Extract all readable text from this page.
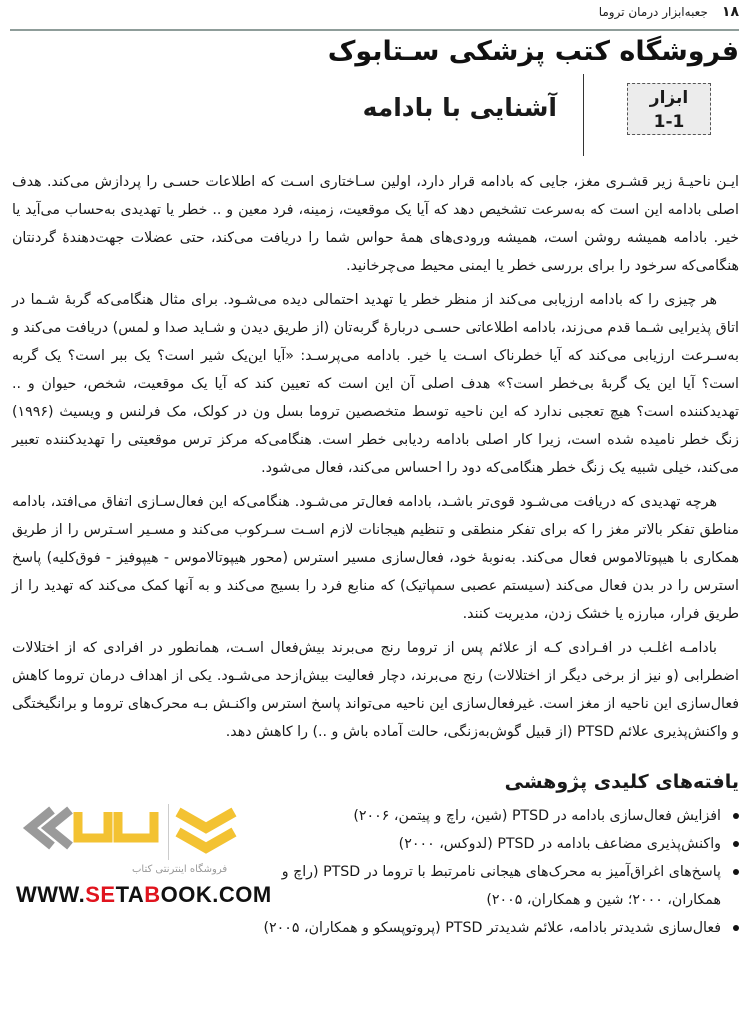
۱۸
جعبه‌ابزار درمان تروما
فروشگاه کتب پزشکی سـتابوک
ابزار
1-1
آشنایی با بادامه

ایـن ناحیـهٔ زیر قشـری مغز، جایی که بادامه قرار دارد، اولین سـاختاری اسـت که اطلاعات حسـی را پردازش می‌کند. هدف اصلی بادامه این است که به‌سرعت تشخیص دهد که آیا یک موقعیت، زمینه، فرد معین و .. خطر یا تهدیدی به‌حساب می‌آید یا خیر. بادامه همیشه روشن است، همیشه ورودی‌های همهٔ حواس شما را دریافت می‌کند، حتی عضلات جهت‌دهندهٔ گردنتان هنگامی‌که سرخود را برای بررسی خطر یا ایمنی محیط می‌چرخانید.

هر چیزی را که بادامه ارزیابی می‌کند از منظر خطر یا تهدید احتمالی دیده می‌شـود. برای مثال هنگامی‌که گربهٔ شـما در اتاق پذیرایی شـما قدم می‌زند، بادامه اطلاعاتی حسـی دربارهٔ گربه‌تان (از طریق دیدن و شـاید صدا و لمس) دریافت می‌کند و به‌سـرعت ارزیابی می‌کند که آیا خطرناک اسـت یا خیر. بادامه می‌پرسـد: «آیا این‌یک شیر است؟ یک ببر است؟ یک گربه است؟ آیا این یک گربهٔ بی‌خطر است؟» هدف اصلی آن این است که تعیین کند که آیا یک موقعیت، شخص، حیوان و .. تهدیدکننده است؟ هیچ تعجبی ندارد که این ناحیه توسط متخصصین تروما بسل ون در کولک، مک فرلنس و ویسیث (۱۹۹۶) زنگ خطر نامیده شده است، زیرا کار اصلی بادامه ردیابی خطر است. هنگامی‌که مرکز ترس موقعیتی را تهدیدکننده تعبیر می‌کند، خیلی شبیه یک زنگ خطر هنگامی‌که دود را احساس می‌کند، فعال می‌شود.

هرچه تهدیدی که دریافت می‌شـود قوی‌تر باشـد، بادامه فعال‌تر می‌شـود. هنگامی‌که این فعال‌سـازی اتفاق می‌افتد، بادامه مناطق تفکر بالاتر مغز را که برای تفکر منطقی و تنظیم هیجانات لازم اسـت سـرکوب می‌کند و مسـیر اسـترس را از طریق همکاری با هیپوتالاموس فعال می‌کند. به‌نوبهٔ خود، فعال‌سازی مسیر استرس (محور هیپوتالاموس - هیپوفیز - فوق‌کلیه) پاسخ استرس را در بدن فعال می‌کند (سیستم عصبی سمپاتیک) که منابع فرد را بسیج می‌کند و به آنها کمک می‌کند که تهدید را از طریق فرار، مبارزه یا خشک زدن، مدیریت کنند.

بادامـه اغلـب در افـرادی کـه از علائم پس از تروما رنج می‌برند بیش‌فعال اسـت، همانطور در افرادی که از اختلالات اضطرابی (و نیز از برخی دیگر از اختلالات) رنج می‌برند، دچار فعالیت بیش‌ازحد می‌شـود. یکی از اهداف درمان تروما کاهش فعال‌سازی این ناحیه از مغز است. غیرفعال‌سازی این ناحیه می‌تواند پاسخ استرس واکنـش بـه محرک‌های تروما و برانگیختگی و واکنش‌پذیری علائم PTSD (از قبیل گوش‌به‌زنگی، حالت آماده باش و ..) را کاهش دهد.

یافته‌های کلیدی پژوهشی
افزایش فعال‌سازی بادامه در PTSD (شین، راچ و پیتمن، ۲۰۰۶)
واکنش‌پذیری مضاعف بادامه در PTSD (لدوکس، ۲۰۰۰)
پاسخ‌های اغراق‌آمیز به محرک‌های هیجانی نامرتبط با تروما در PTSD (راچ و همکاران، ۲۰۰۰؛ شین و همکاران، ۲۰۰۵)
فعال‌سازی شدیدتر بادامه، علائم شدیدتر PTSD (پروتوپسکو و همکاران، ۲۰۰۵)
فروشگاه اینترنتی کتاب
WWW.SETABOOK.COM
